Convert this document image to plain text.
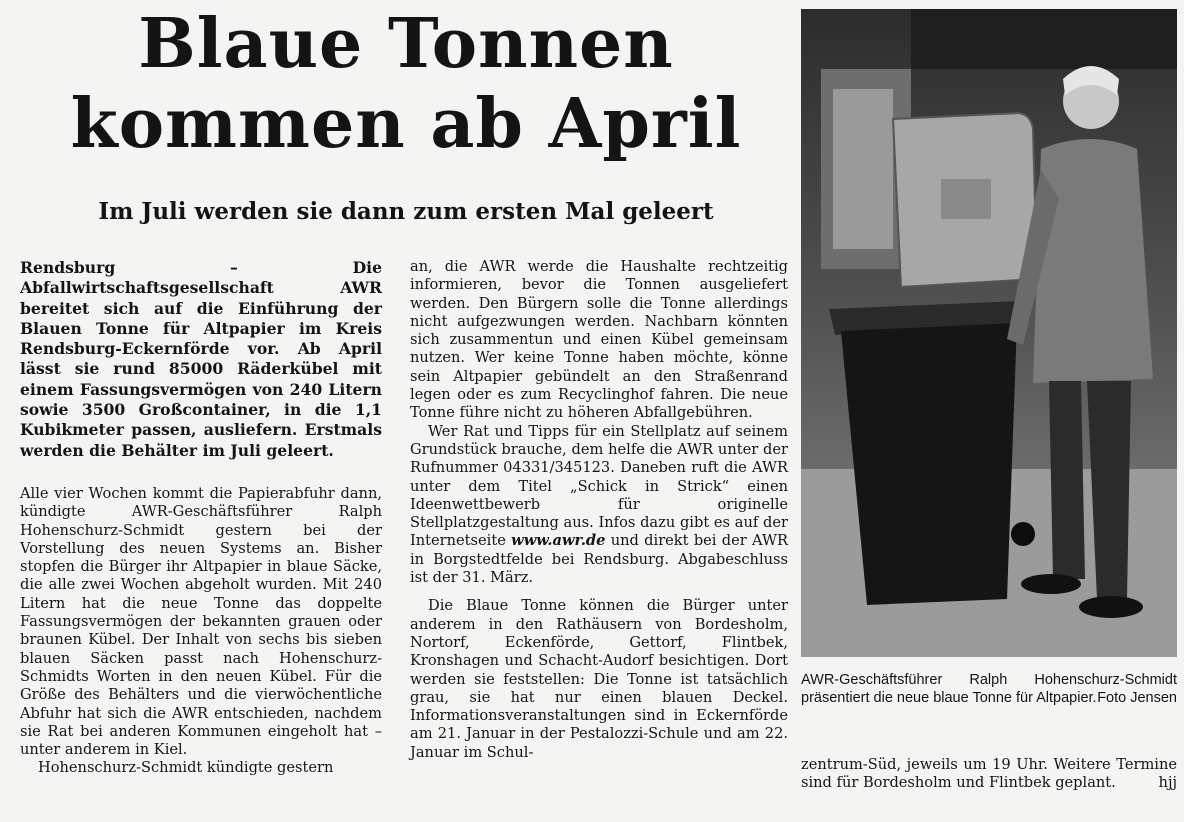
Blaue Tonnen
kommen ab April
Im Juli werden sie dann zum ersten Mal geleert

Rendsburg – Die Abfallwirtschaftsgesellschaft AWR bereitet sich auf die Einführung der Blauen Tonne für Altpapier im Kreis Rendsburg-Eckernförde vor. Ab April lässt sie rund 85000 Räderkübel mit einem Fassungsvermögen von 240 Litern sowie 3500 Großcontainer, in die 1,1 Kubikmeter passen, ausliefern. Erstmals werden die Behälter im Juli geleert.

Alle vier Wochen kommt die Papierabfuhr dann, kündigte AWR-Geschäftsführer Ralph Hohenschurz-Schmidt gestern bei der Vorstellung des neuen Systems an. Bisher stopfen die Bürger ihr Altpapier in blaue Säcke, die alle zwei Wochen abgeholt wurden. Mit 240 Litern hat die neue Tonne das doppelte Fassungsvermögen der bekannten grauen oder braunen Kübel. Der Inhalt von sechs bis sieben blauen Säcken passt nach Hohenschurz-Schmidts Worten in den neuen Kübel. Für die Größe des Behälters und die vierwöchentliche Abfuhr hat sich die AWR entschieden, nachdem sie Rat bei anderen Kommunen eingeholt hat – unter anderem in Kiel.

Hohenschurz-Schmidt kündigte gestern

an, die AWR werde die Haushalte rechtzeitig informieren, bevor die Tonnen ausgeliefert werden. Den Bürgern solle die Tonne allerdings nicht aufgezwungen werden. Nachbarn könnten sich zusammentun und einen Kübel gemeinsam nutzen. Wer keine Tonne haben möchte, könne sein Altpapier gebündelt an den Straßenrand legen oder es zum Recyclinghof fahren. Die neue Tonne führe nicht zu höheren Abfallgebühren.

Wer Rat und Tipps für ein Stellplatz auf seinem Grundstück brauche, dem helfe die AWR unter der Rufnummer 04331/345123. Daneben ruft die AWR unter dem Titel „Schick in Strick“ einen Ideenwettbewerb für originelle Stellplatzgestaltung aus. Infos dazu gibt es auf der Internetseite www.awr.de und direkt bei der AWR in Borgstedtfelde bei Rendsburg. Abgabeschluss ist der 31. März.

Die Blaue Tonne können die Bürger unter anderem in den Rathäusern von Bordesholm, Nortorf, Eckenförde, Gettorf, Flintbek, Kronshagen und Schacht-Audorf besichtigen. Dort werden sie feststellen: Die Tonne ist tatsächlich grau, sie hat nur einen blauen Deckel. Informationsveranstaltungen sind in Eckernförde am 21. Januar in der Pestalozzi-Schule und am 22. Januar im Schul-

AWR-Geschäftsführer Ralph Hohenschurz-Schmidt präsentiert die neue blaue Tonne für Altpapier. Foto Jensen
zentrum-Süd, jeweils um 19 Uhr. Weitere Termine sind für Bordesholm und Flintbek geplant.	hjj
